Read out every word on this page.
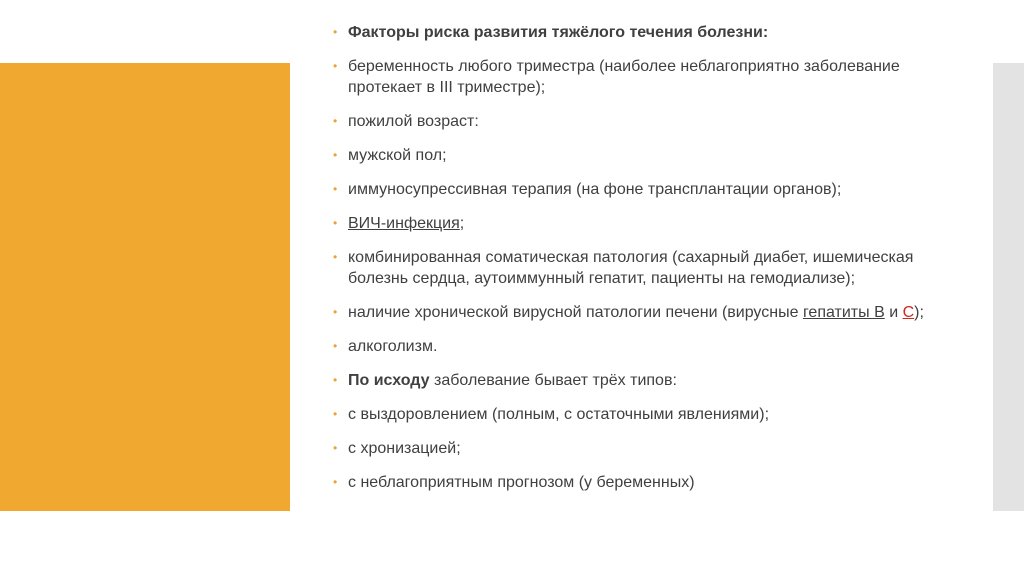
• Факторы риска развития тяжёлого течения болезни:
• беременность любого триместра (наиболее неблагоприятно заболевание протекает в III триместре);
• пожилой возраст:
• мужской пол;
• иммуносупрессивная терапия (на фоне трансплантации органов);
• ВИЧ-инфекция;
• комбинированная соматическая патология (сахарный диабет, ишемическая болезнь сердца, аутоиммунный гепатит, пациенты на гемодиализе);
• наличие хронической вирусной патологии печени (вирусные гепатиты В и С);
• алкоголизм.
• По исходу заболевание бывает трёх типов:
• с выздоровлением (полным, с остаточными явлениями);
• с хронизацией;
• с неблагоприятным прогнозом (у беременных)
